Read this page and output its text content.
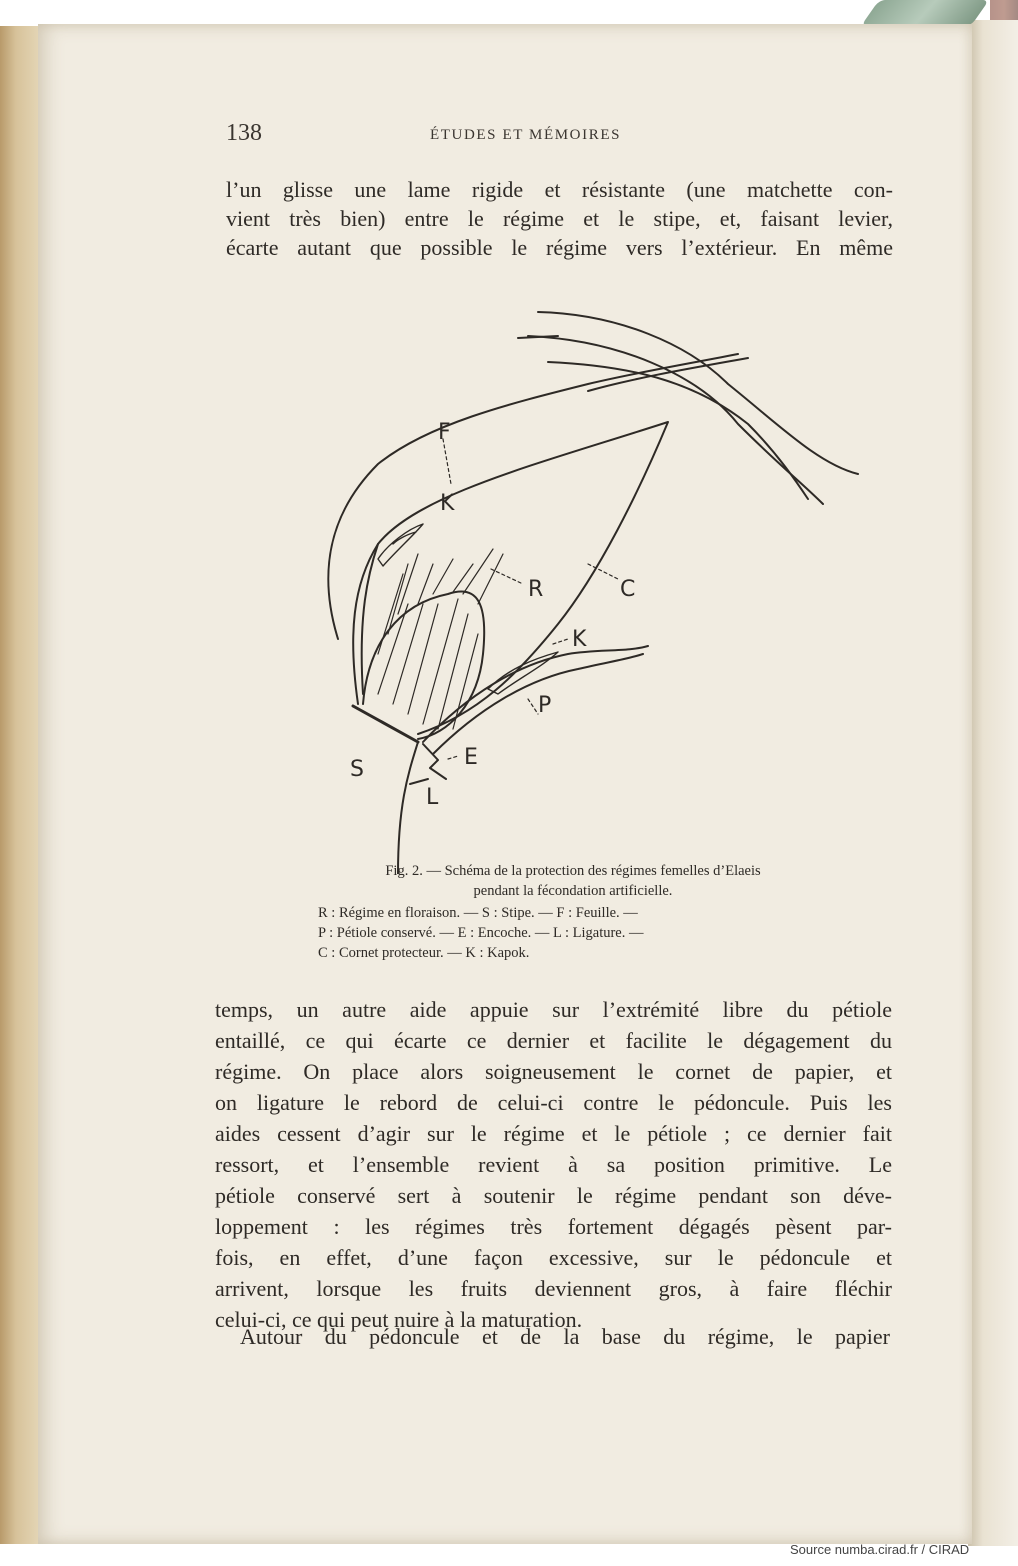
138	ÉTUDES ET MÉMOIRES
l’un glisse une lame rigide et résistante (une matchette con-
vient très bien) entre le régime et le stipe, et, faisant levier,
écarte autant que possible le régime vers l’extérieur. En même
F
K
R	C
K
P
S	E
L
Fig. 2. — Schéma de la protection des régimes femelles d’Elaeis
pendant la fécondation artificielle.
R : Régime en floraison. — S : Stipe. — F : Feuille. —
P : Pétiole conservé. — E : Encoche. — L : Ligature. —
C : Cornet protecteur. — K : Kapok.
temps, un autre aide appuie sur l’extrémité libre du pétiole
entaillé, ce qui écarte ce dernier et facilite le dégagement du
régime. On place alors soigneusement le cornet de papier, et
on ligature le rebord de celui-ci contre le pédoncule. Puis les
aides cessent d’agir sur le régime et le pétiole ; ce dernier fait
ressort, et l’ensemble revient à sa position primitive. Le
pétiole conservé sert à soutenir le régime pendant son déve-
loppement : les régimes très fortement dégagés pèsent par-
fois, en effet, d’une façon excessive, sur le pédoncule et
arrivent, lorsque les fruits deviennent gros, à faire fléchir
celui-ci, ce qui peut nuire à la maturation.
Autour du pédoncule et de la base du régime, le papier
Source numba.cirad.fr / CIRAD
